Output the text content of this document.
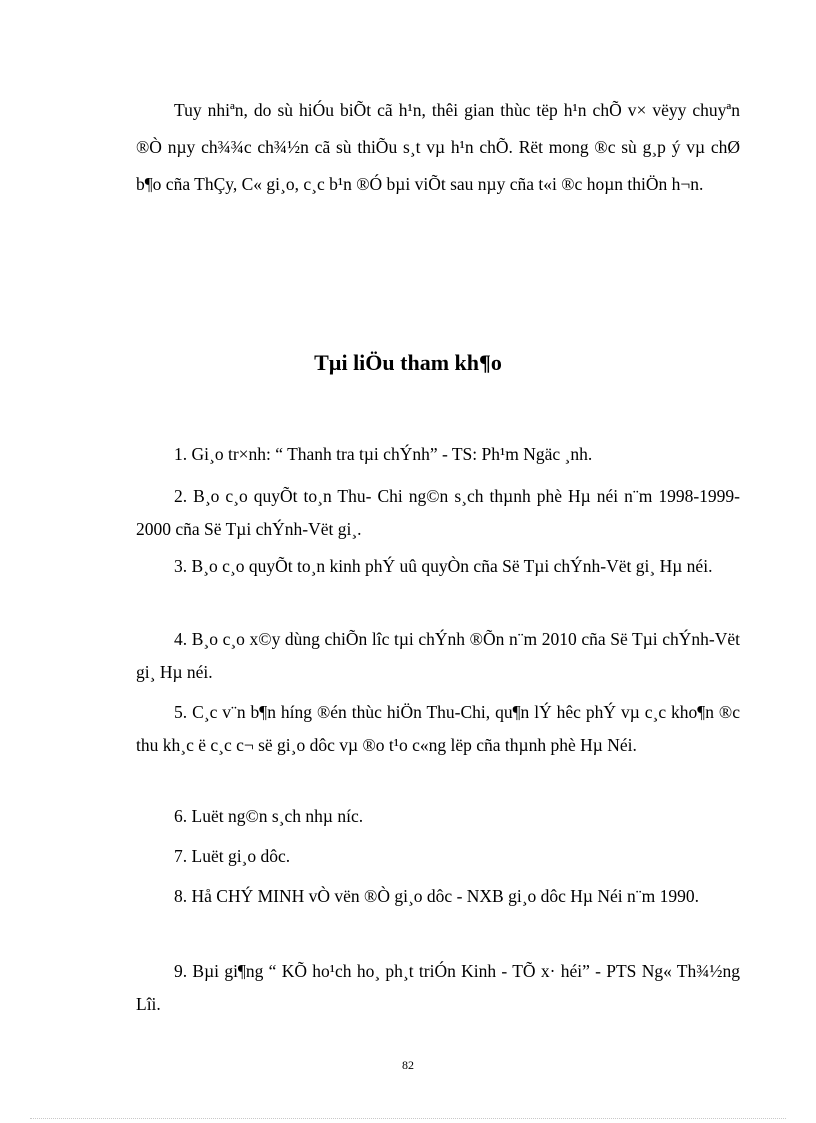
Tuy nhiªn, do sù hiÓu biÕt cã h¹n, thêi gian thùc tëp h¹n chÕ v× vëyy chuyªn ®Ò nµy ch¾¾c ch¾½n cã sù thiÕu s¸t vµ h¹n chÕ. Rët mong ®c sù g¸p ý vµ chØ b¶o cña ThÇy, C« gi¸o, c¸c b¹n ®Ó bµi viÕt sau nµy cña t«i ®c hoµn thiÖn h¬n.

Tµi liÖu tham kh¶o

1. Gi¸o tr×nh: “ Thanh tra tµi chÝnh” - TS: Ph¹m Ngäc ¸nh.

2. B¸o c¸o quyÕt to¸n Thu- Chi ng©n s¸ch thµnh phè Hµ néi n¨m 1998-1999- 2000 cña Së Tµi chÝnh-Vët gi¸.

3. B¸o c¸o quyÕt to¸n kinh phÝ uû quyÒn cña Së Tµi chÝnh-Vët gi¸ Hµ néi.

4. B¸o c¸o x©y dùng chiÕn lîc tµi chÝnh ®Õn n¨m 2010 cña Së Tµi chÝnh-Vët gi¸ Hµ néi.

5. C¸c v¨n b¶n híng ®én thùc hiÖn Thu-Chi, qu¶n lÝ hêc phÝ vµ c¸c kho¶n ®c thu kh¸c ë c¸c c¬ së gi¸o dôc vµ ®o t¹o c«ng lëp cña thµnh phè Hµ Néi.

6. Luët ng©n s¸ch nhµ níc.

7. Luët gi¸o dôc.

8. Hå CHÝ MINH vÒ vën ®Ò gi¸o dôc - NXB gi¸o dôc Hµ Néi n¨m 1990.

9. Bµi gi¶ng “ KÕ ho¹ch ho¸ ph¸t triÓn Kinh - TÕ x· héi” - PTS Ng« Th¾½ng Lîi.

82
